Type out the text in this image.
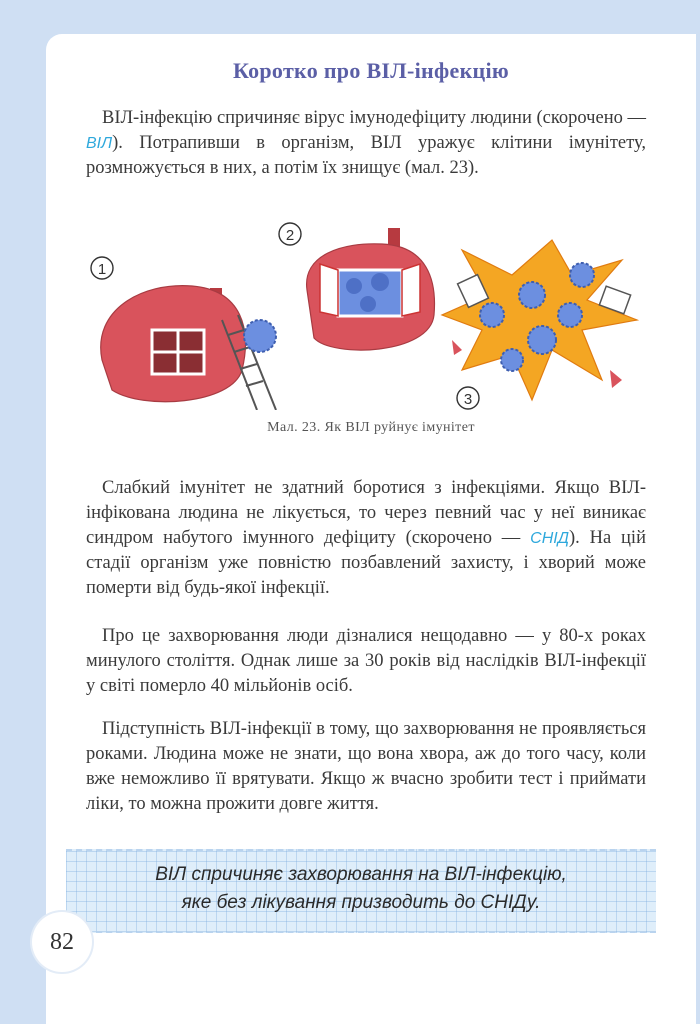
Коротко про ВІЛ-інфекцію

ВІЛ-інфекцію спричиняє вірус імунодефіциту людини (скорочено — ВІЛ). Потрапивши в організм, ВІЛ уражує клітини імунітету, розмножується в них, а потім їх знищує (мал. 23).

1
2
3
Мал. 23. Як ВІЛ руйнує імунітет

Слабкий імунітет не здатний боротися з інфекціями. Якщо ВІЛ-інфікована людина не лікується, то через певний час у неї виникає синдром набутого імунного дефіциту (скорочено — СНІД). На цій стадії організм уже повністю позбавлений захисту, і хворий може померти від будь-якої інфекції.

Про це захворювання люди дізналися нещодавно — у 80-х роках минулого століття. Однак лише за 30 років від наслідків ВІЛ-інфекції у світі померло 40 мільйонів осіб.

Підступність ВІЛ-інфекції в тому, що захворювання не проявляється роками. Людина може не знати, що вона хвора, аж до того часу, коли вже неможливо її врятувати. Якщо ж вчасно зробити тест і приймати ліки, то можна прожити довге життя.

ВІЛ спричиняє захворювання на ВІЛ-інфекцію,
яке без лікування призводить до СНІДу.
82
